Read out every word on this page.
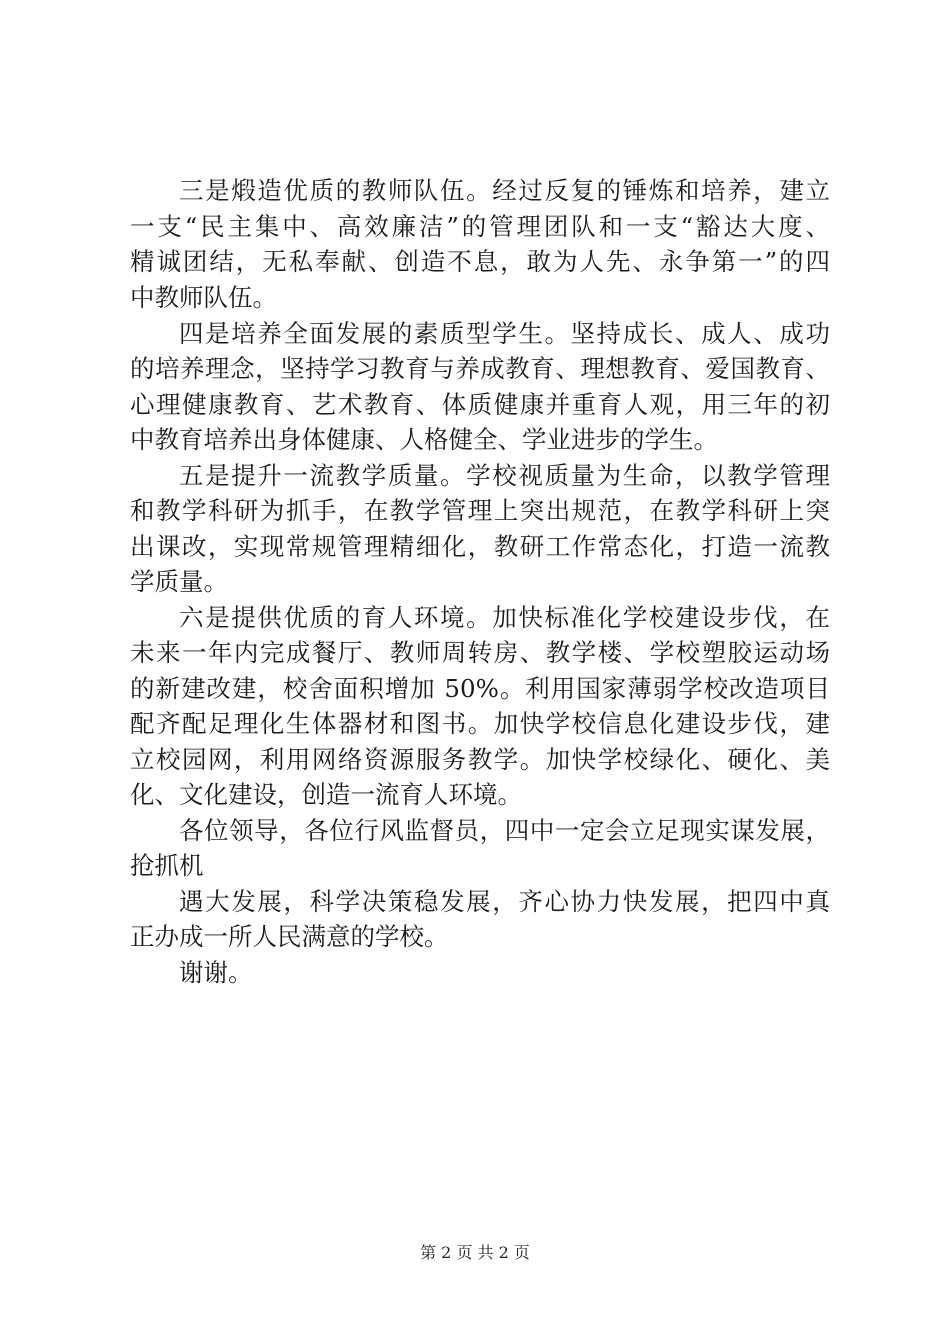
三是煅造优质的教师队伍。经过反复的锤炼和培养，建立
一支“民主集中、高效廉洁”的管理团队和一支“豁达大度、
精诚团结，无私奉献、创造不息，敢为人先、永争第一”的四
中教师队伍。
四是培养全面发展的素质型学生。坚持成长、成人、成功
的培养理念，坚持学习教育与养成教育、理想教育、爱国教育、
心理健康教育、艺术教育、体质健康并重育人观，用三年的初
中教育培养出身体健康、人格健全、学业进步的学生。
五是提升一流教学质量。学校视质量为生命，以教学管理
和教学科研为抓手，在教学管理上突出规范，在教学科研上突
出课改，实现常规管理精细化，教研工作常态化，打造一流教
学质量。
六是提供优质的育人环境。加快标准化学校建设步伐，在
未来一年内完成餐厅、教师周转房、教学楼、学校塑胶运动场
的新建改建，校舍面积增加 50%。利用国家薄弱学校改造项目
配齐配足理化生体器材和图书。加快学校信息化建设步伐，建
立校园网，利用网络资源服务教学。加快学校绿化、硬化、美
化、文化建设，创造一流育人环境。
各位领导，各位行风监督员，四中一定会立足现实谋发展，
抢抓机
遇大发展，科学决策稳发展，齐心协力快发展，把四中真
正办成一所人民满意的学校。
谢谢。
第 2 页 共 2 页
